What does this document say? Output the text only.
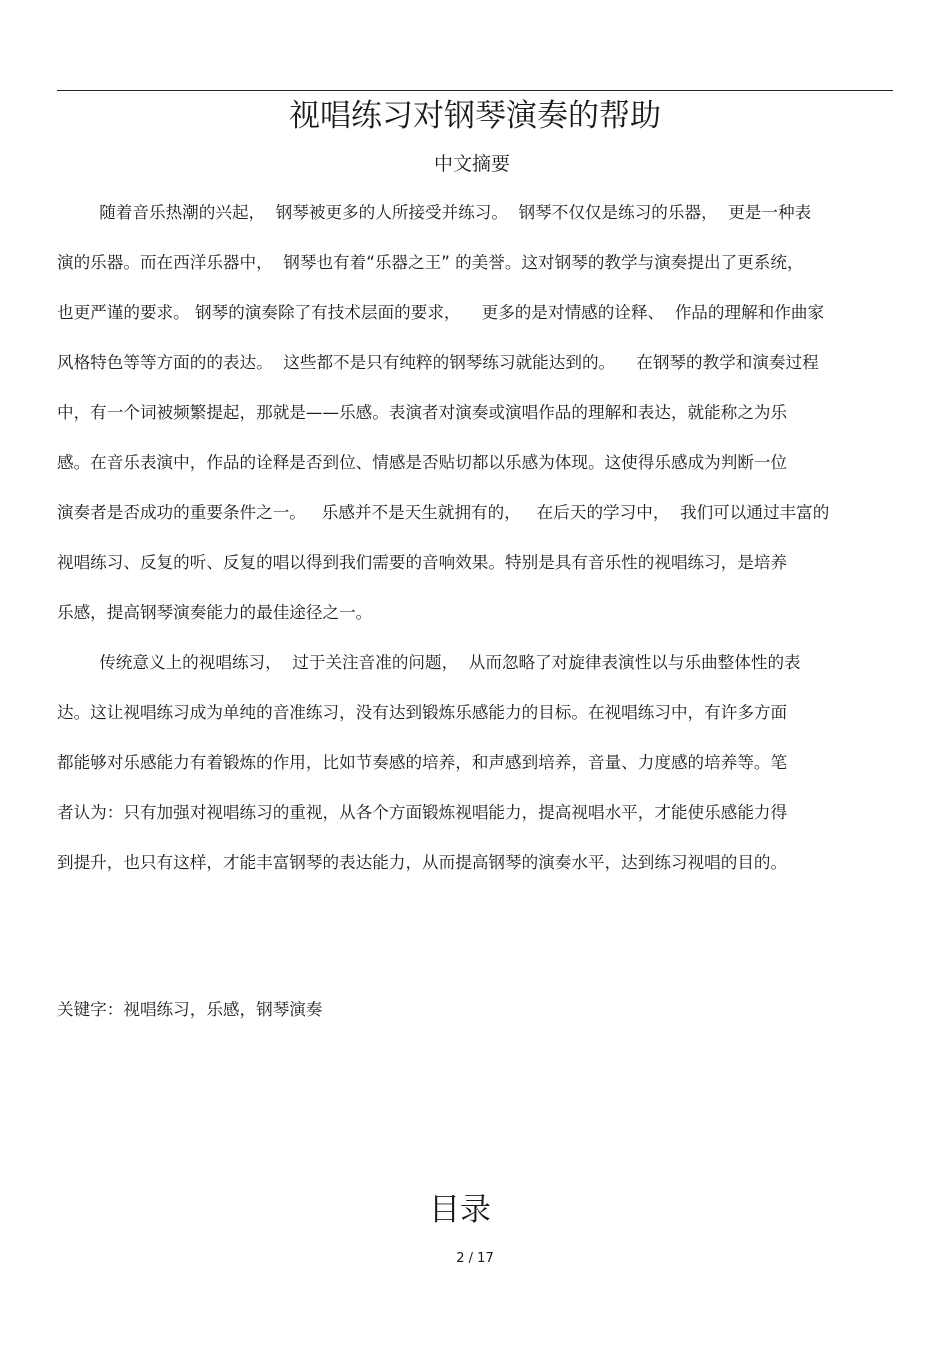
视唱练习对钢琴演奏的帮助
中文摘要
随着音乐热潮的兴起，  钢琴被更多的人所接受并练习。  钢琴不仅仅是练习的乐器，  更是一种表
演的乐器。而在西洋乐器中，  钢琴也有着“乐器之王” 的美誉。这对钢琴的教学与演奏提出了更系统，
也更严谨的要求。 钢琴的演奏除了有技术层面的要求，    更多的是对情感的诠释、  作品的理解和作曲家
风格特色等等方面的的表达。  这些都不是只有纯粹的钢琴练习就能达到的。    在钢琴的教学和演奏过程
中，有一个词被频繁提起，那就是——乐感。表演者对演奏或演唱作品的理解和表达，就能称之为乐
感。在音乐表演中，作品的诠释是否到位、情感是否贴切都以乐感为体现。这使得乐感成为判断一位
演奏者是否成功的重要条件之一。   乐感并不是天生就拥有的，   在后天的学习中，  我们可以通过丰富的
视唱练习、反复的听、反复的唱以得到我们需要的音响效果。特别是具有音乐性的视唱练习，是培养
乐感，提高钢琴演奏能力的最佳途径之一。
传统意义上的视唱练习，  过于关注音准的问题，  从而忽略了对旋律表演性以与乐曲整体性的表
达。这让视唱练习成为单纯的音准练习，没有达到锻炼乐感能力的目标。在视唱练习中，有许多方面
都能够对乐感能力有着锻炼的作用，比如节奏感的培养，和声感到培养，音量、力度感的培养等。笔
者认为：只有加强对视唱练习的重视，从各个方面锻炼视唱能力，提高视唱水平，才能使乐感能力得
到提升，也只有这样，才能丰富钢琴的表达能力，从而提高钢琴的演奏水平，达到练习视唱的目的。
关键字：视唱练习，乐感，钢琴演奏
目录
2 / 17
